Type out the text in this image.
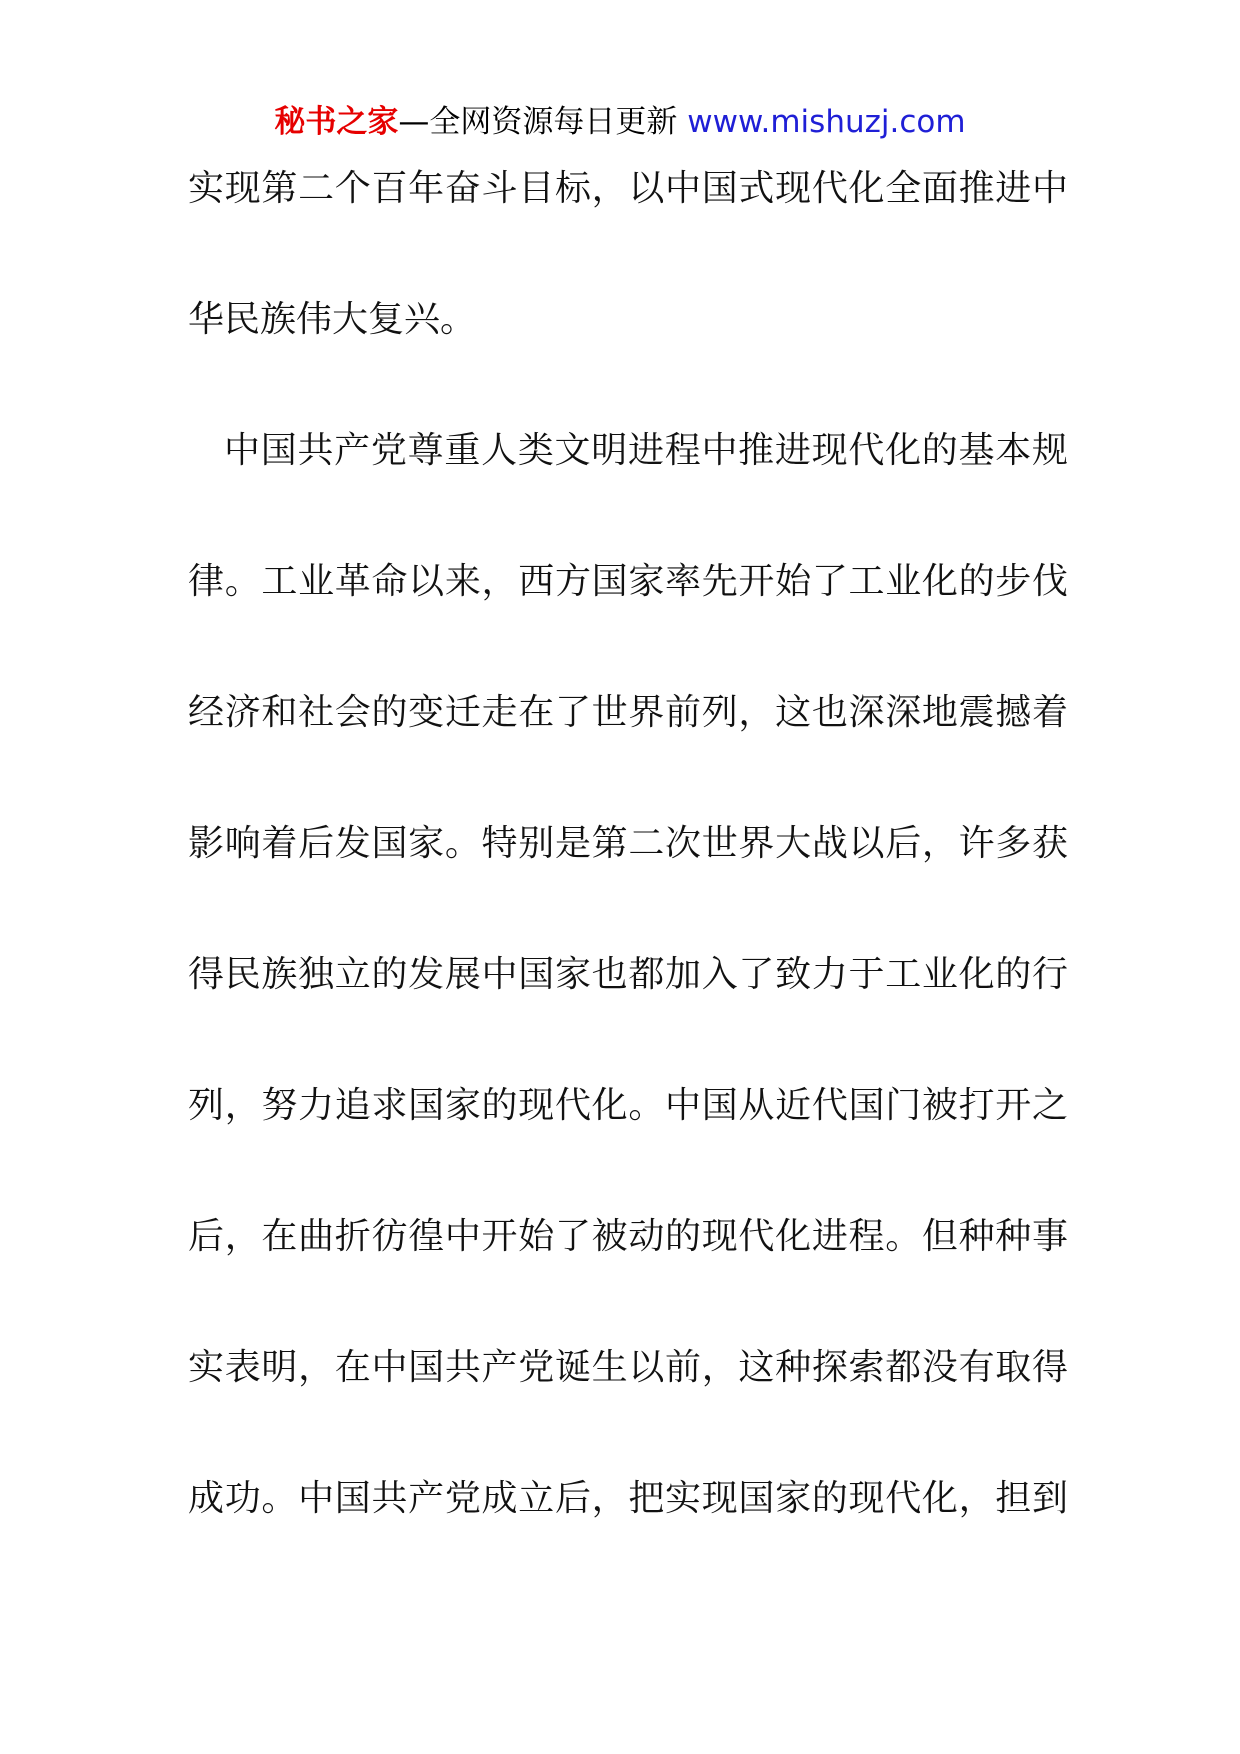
秘书之家—全网资源每日更新 www.mishuzj.com
实现第二个百年奋斗目标，以中国式现代化全面推进中
华民族伟大复兴。
中国共产党尊重人类文明进程中推进现代化的基本规
律。工业革命以来，西方国家率先开始了工业化的步伐
经济和社会的变迁走在了世界前列，这也深深地震撼着
影响着后发国家。特别是第二次世界大战以后，许多获
得民族独立的发展中国家也都加入了致力于工业化的行
列，努力追求国家的现代化。中国从近代国门被打开之
后，在曲折彷徨中开始了被动的现代化进程。但种种事
实表明，在中国共产党诞生以前，这种探索都没有取得
成功。中国共产党成立后，把实现国家的现代化，担到
